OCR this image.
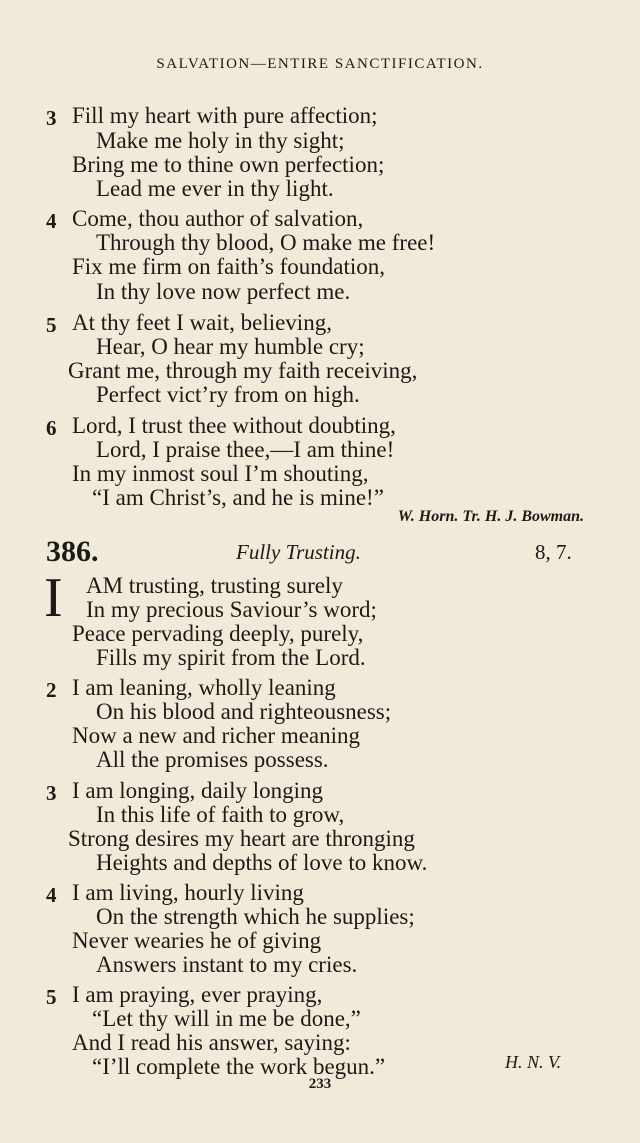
SALVATION—ENTIRE SANCTIFICATION.
3 Fill my heart with pure affection;
Make me holy in thy sight;
Bring me to thine own perfection;
Lead me ever in thy light.
4 Come, thou author of salvation,
Through thy blood, O make me free!
Fix me firm on faith’s foundation,
In thy love now perfect me.
5 At thy feet I wait, believing,
Hear, O hear my humble cry;
Grant me, through my faith receiving,
Perfect vict’ry from on high.
6 Lord, I trust thee without doubting,
Lord, I praise thee,—I am thine!
In my inmost soul I’m shouting,
“I am Christ’s, and he is mine!”
W. Horn. Tr. H. J. Bowman.
386.	Fully Trusting.	8, 7.
I AM trusting, trusting surely
In my precious Saviour’s word;
Peace pervading deeply, purely,
Fills my spirit from the Lord.
2 I am leaning, wholly leaning
On his blood and righteousness;
Now a new and richer meaning
All the promises possess.
3 I am longing, daily longing
In this life of faith to grow,
Strong desires my heart are thronging
Heights and depths of love to know.
4 I am living, hourly living
On the strength which he supplies;
Never wearies he of giving
Answers instant to my cries.
5 I am praying, ever praying,
“Let thy will in me be done,”
And I read his answer, saying:
“I’ll complete the work begun.”	H. N. V.
233
